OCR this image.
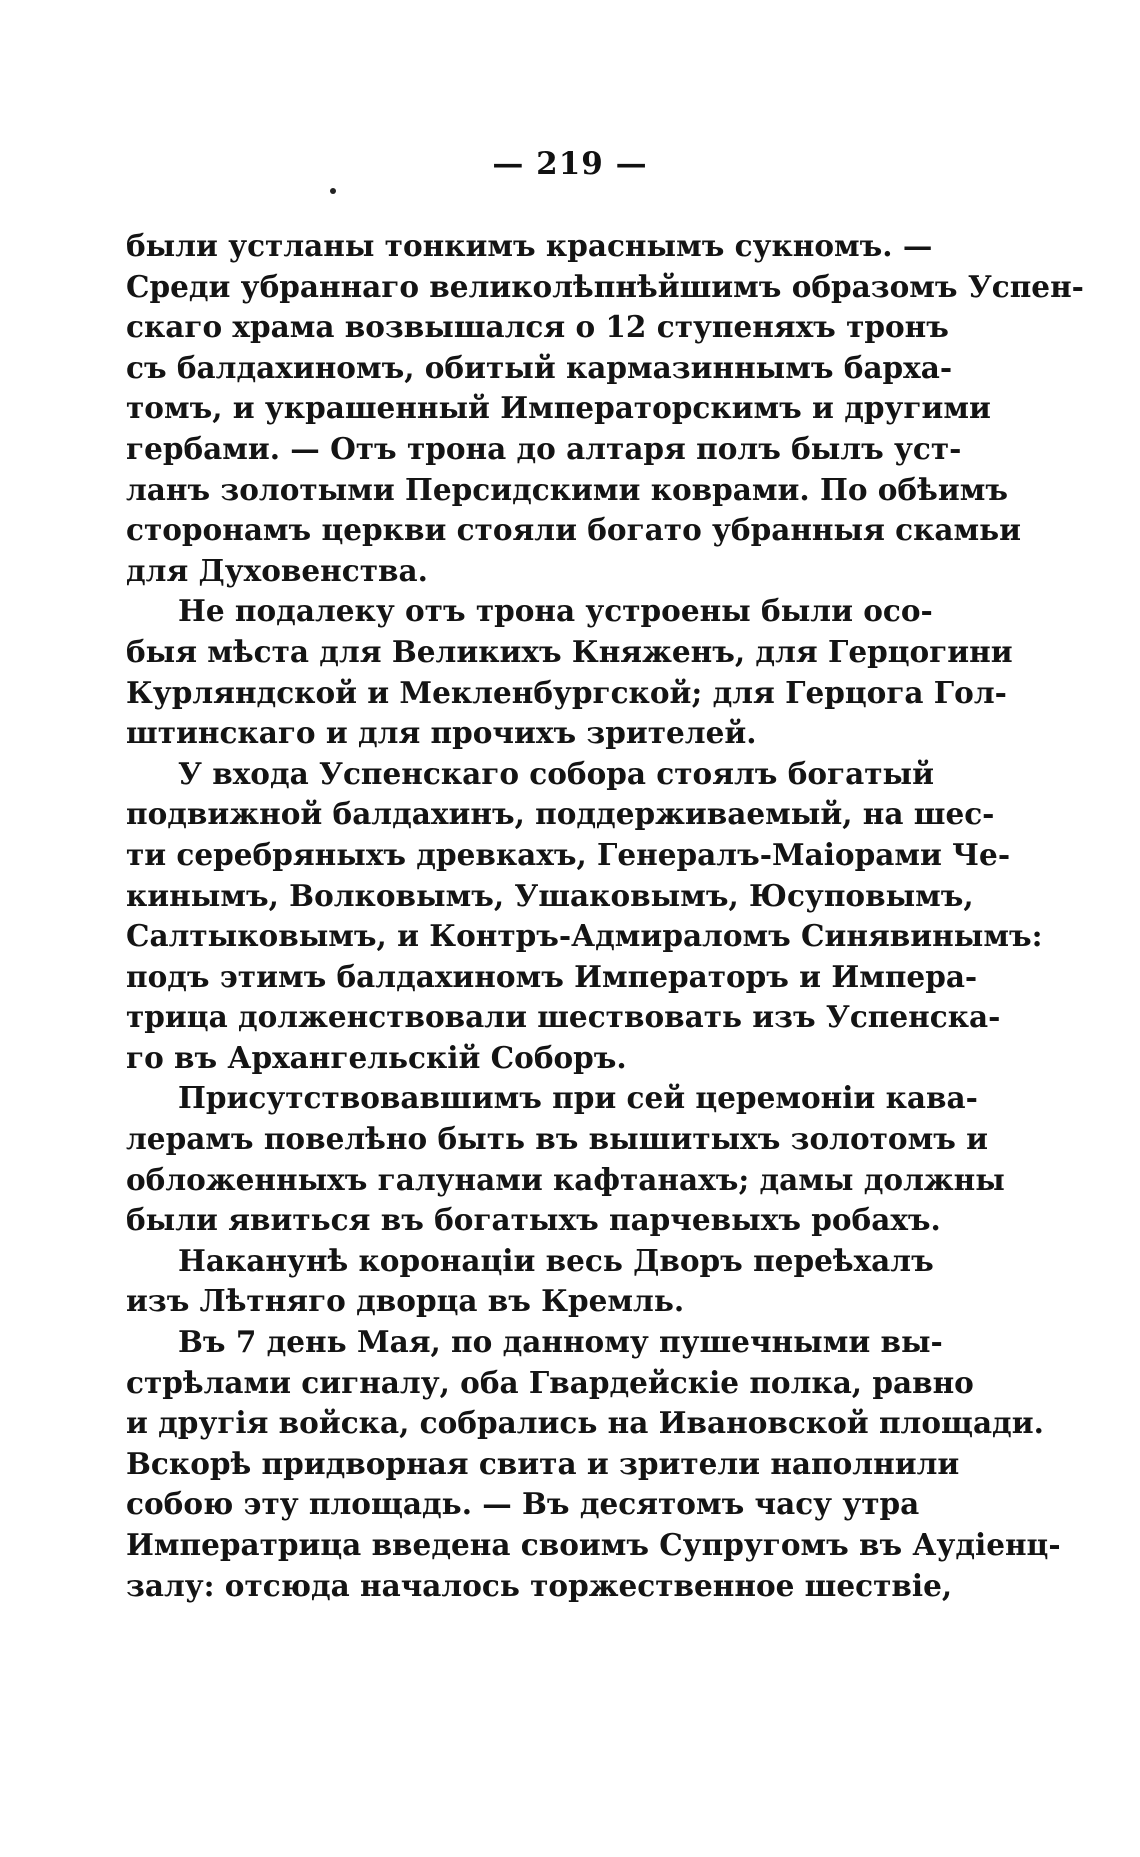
— 219 —
были устланы тонкимъ краснымъ сукномъ. —
Среди убраннаго великолѣпнѣйшимъ образомъ Успен-
скаго храма возвышался о 12 ступеняхъ тронъ
съ балдахиномъ, обитый кармазиннымъ барха-
томъ, и украшенный Императорскимъ и другими
гербами. — Отъ трона до алтаря полъ былъ уст-
ланъ золотыми Персидскими коврами. По обѣимъ
сторонамъ церкви стояли богато убранныя скамьи
для Духовенства.
Не подалеку отъ трона устроены были осо-
быя мѣста для Великихъ Княженъ, для Герцогини
Курляндской и Мекленбургской; для Герцога Гол-
штинскаго и для прочихъ зрителей.
У входа Успенскаго собора стоялъ богатый
подвижной балдахинъ, поддерживаемый, на шес-
ти серебряныхъ древкахъ, Генералъ-Маіорами Че-
кинымъ, Волковымъ, Ушаковымъ, Юсуповымъ,
Салтыковымъ, и Контръ-Адмираломъ Синявинымъ:
подъ этимъ балдахиномъ Императоръ и Импера-
трица долженствовали шествовать изъ Успенска-
го въ Архангельскій Соборъ.
Присутствовавшимъ при сей церемоніи кава-
лерамъ повелѣно быть въ вышитыхъ золотомъ и
обложенныхъ галунами кафтанахъ; дамы должны
были явиться въ богатыхъ парчевыхъ робахъ.
Наканунѣ коронаціи весь Дворъ переѣхалъ
изъ Лѣтняго дворца въ Кремль.
Въ 7 день Мая, по данному пушечными вы-
стрѣлами сигналу, оба Гвардейскіе полка, равно
и другія войска, собрались на Ивановской площади.
Вскорѣ придворная свита и зрители наполнили
собою эту площадь. — Въ десятомъ часу утра
Императрица введена своимъ Супругомъ въ Аудіенц-
залу: отсюда началось торжественное шествіе,
